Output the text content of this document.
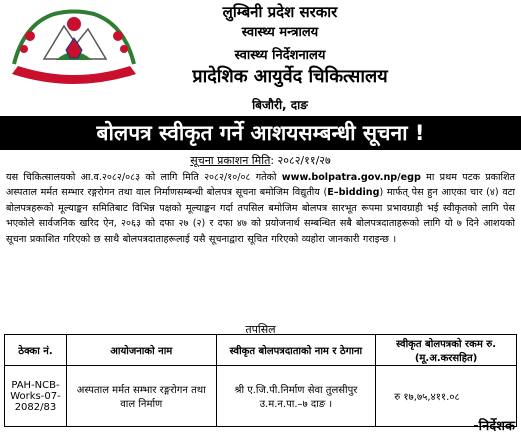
लुम्बिनी प्रदेश सरकार
स्वास्थ्य मन्त्रालय
स्वास्थ्य निर्देशनालय
प्रादेशिक आयुर्वेद चिकित्सालय
बिजौरी, दाङ
बोलपत्र स्वीकृत गर्ने आशयसम्बन्धी सूचना !
सूचना प्रकाशन मिति: २०८२/११/२७
यस चिकित्सालयको आ.व.२०८२/०८३ को लागि मिति २०८२/१०/०८ गतेको www.bolpatra.gov.np/egp मा प्रथम पटक प्रकाशित अस्पताल मर्मत सम्भार रङ्गरोगन तथा वाल निर्माणसम्बन्धी बोलपत्र सूचना बमोजिम विद्युतीय (E–bidding) मार्फत् पेस हुन आएका चार (४) वटा बोलपत्रहरूको मूल्याङ्कन समितिबाट विभिन्न पक्षको मूल्याङ्कन गर्दा तपसिल बमोजिम बोलपत्र सारभूत रूपमा प्रभावग्राही भई स्वीकृतको लागि पेस भएकोले सार्वजनिक खरिद ऐन, २०६३ को दफा २७ (२) र दफा ४७ को प्रयोजनार्थ सम्बन्धित सबै बोलपत्रदाताहरूको लागि यो ७ दिने आशयको सूचना प्रकाशित गरिएको छ साथै बोलपत्रदाताहरूलाई यसै सूचनाद्वारा सूचित गरिएको व्यहोरा जानकारी गराइन्छ ।
तपसिल
ठेक्का नं.	आयोजनाको नाम	स्वीकृत बोलपत्रदाताको नाम र ठेगाना	स्वीकृत बोलपत्रको रकम रु. (मू.अ.करसहित)
PAH-NCB-Works-07-2082/83	अस्पताल मर्मत सम्भार रङ्गरोगन तथा वाल निर्माण	श्री ए.जि.पी.निर्माण सेवा तुलसीपुर उ.म.न.पा.–७ दाङ ।	रु १७,७५,४११.०८
-निर्देशक
